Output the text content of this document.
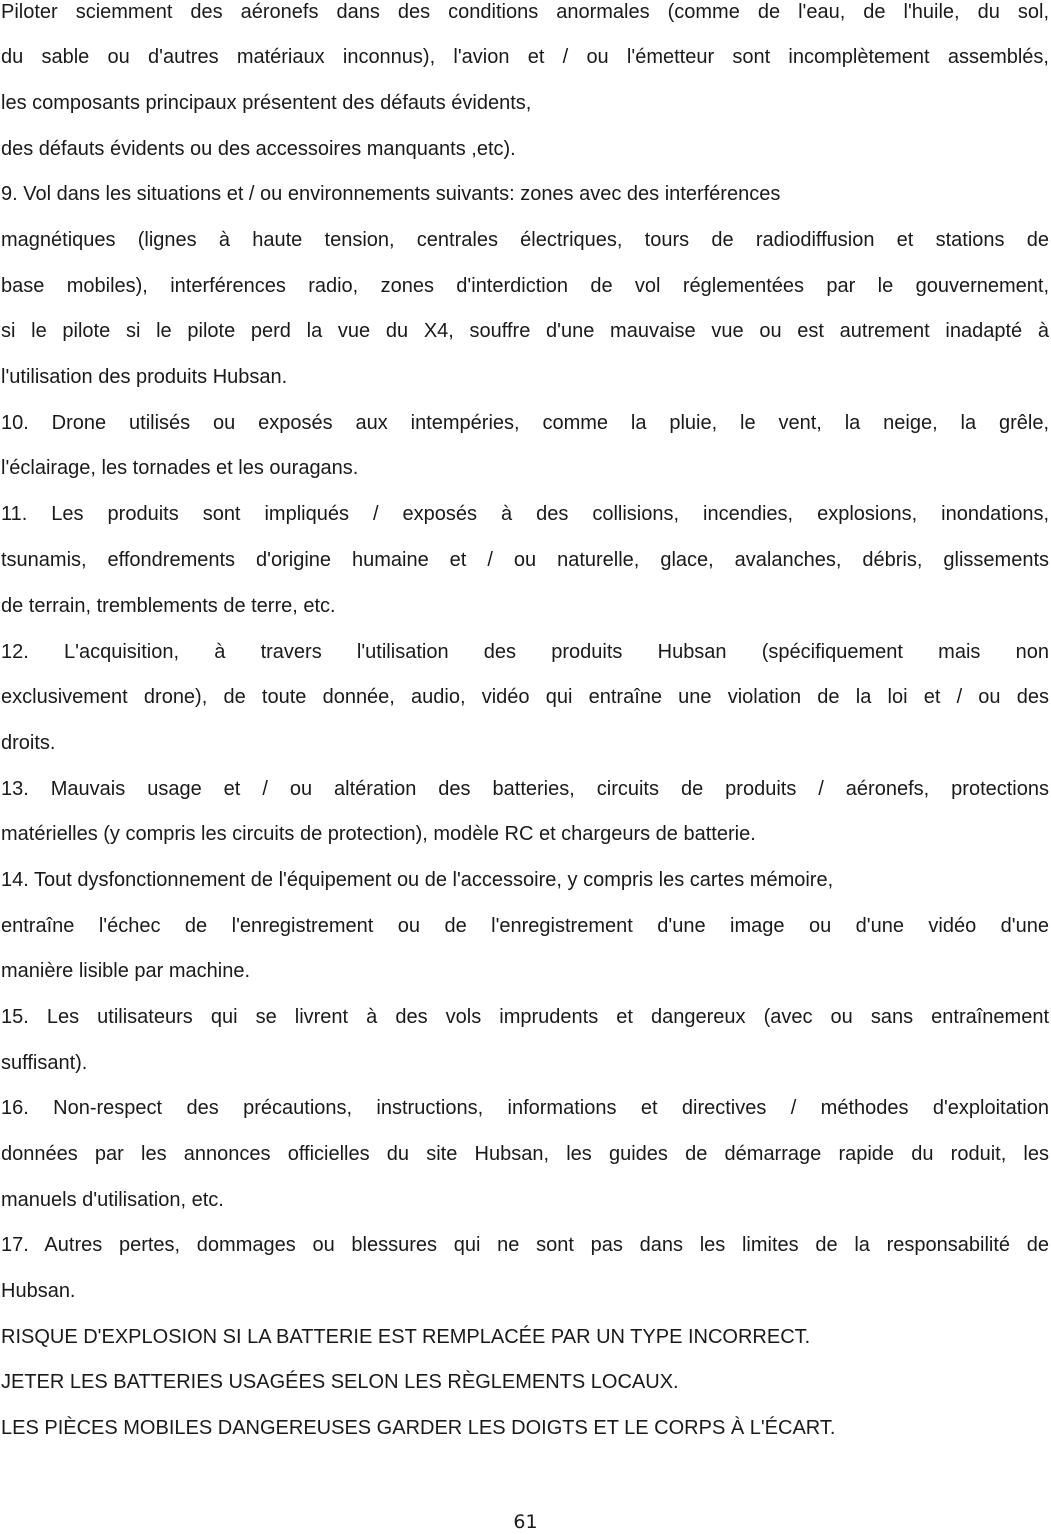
Piloter sciemment des aéronefs dans des conditions anormales (comme de l'eau, de l'huile, du sol,
du sable ou d'autres matériaux inconnus), l'avion et / ou l'émetteur sont incomplètement assemblés,
les composants principaux présentent des défauts évidents,
des défauts évidents ou des accessoires manquants ,etc).
9. Vol dans les situations et / ou environnements suivants: zones avec des interférences
magnétiques (lignes à haute tension, centrales électriques, tours de radiodiffusion et stations de
base mobiles), interférences radio, zones d'interdiction de vol réglementées par le gouvernement,
si le pilote si le pilote perd la vue du X4, souffre d'une mauvaise vue ou est autrement inadapté à
l'utilisation des produits Hubsan.
10. Drone utilisés ou exposés aux intempéries, comme la pluie, le vent, la neige, la grêle,
l'éclairage, les tornades et les ouragans.
11. Les produits sont impliqués / exposés à des collisions, incendies, explosions, inondations,
tsunamis, effondrements d'origine humaine et / ou naturelle, glace, avalanches, débris, glissements
de terrain, tremblements de terre, etc.
12. L'acquisition, à travers l'utilisation des produits Hubsan (spécifiquement mais non
exclusivement drone), de toute donnée, audio, vidéo qui entraîne une violation de la loi et / ou des
droits.
13. Mauvais usage et / ou altération des batteries, circuits de produits / aéronefs, protections
matérielles (y compris les circuits de protection), modèle RC et chargeurs de batterie.
14. Tout dysfonctionnement de l'équipement ou de l'accessoire, y compris les cartes mémoire,
entraîne l'échec de l'enregistrement ou de l'enregistrement d'une image ou d'une vidéo d'une
manière lisible par machine.
15. Les utilisateurs qui se livrent à des vols imprudents et dangereux (avec ou sans entraînement
suffisant).
16. Non-respect des précautions, instructions, informations et directives / méthodes d'exploitation
données par les annonces officielles du site Hubsan, les guides de démarrage rapide du roduit, les
manuels d'utilisation, etc.
17. Autres pertes, dommages ou blessures qui ne sont pas dans les limites de la responsabilité de
Hubsan.
RISQUE D'EXPLOSION SI LA BATTERIE EST REMPLACÉE PAR UN TYPE INCORRECT.
JETER LES BATTERIES USAGÉES SELON LES RÈGLEMENTS LOCAUX.
LES PIÈCES MOBILES DANGEREUSES GARDER LES DOIGTS ET LE CORPS À L'ÉCART.
61
